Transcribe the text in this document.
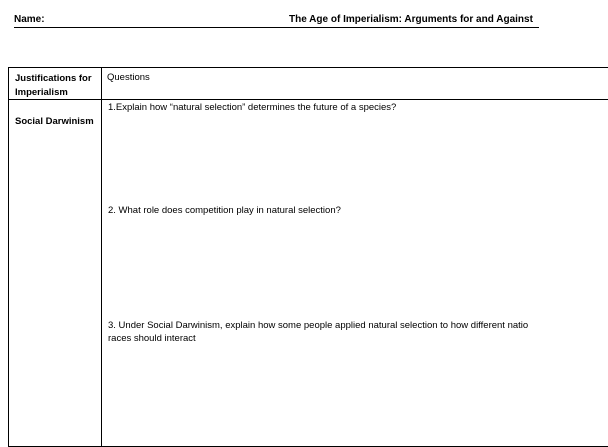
Name:	The Age of Imperialism: Arguments for and Against
Justifications for Imperialism
Social Darwinism
Questions
1.Explain how “natural selection” determines the future of a species?
2. What role does competition play in natural selection?
3. Under Social Darwinism, explain how some people applied natural selection to how different natio
races should interact
